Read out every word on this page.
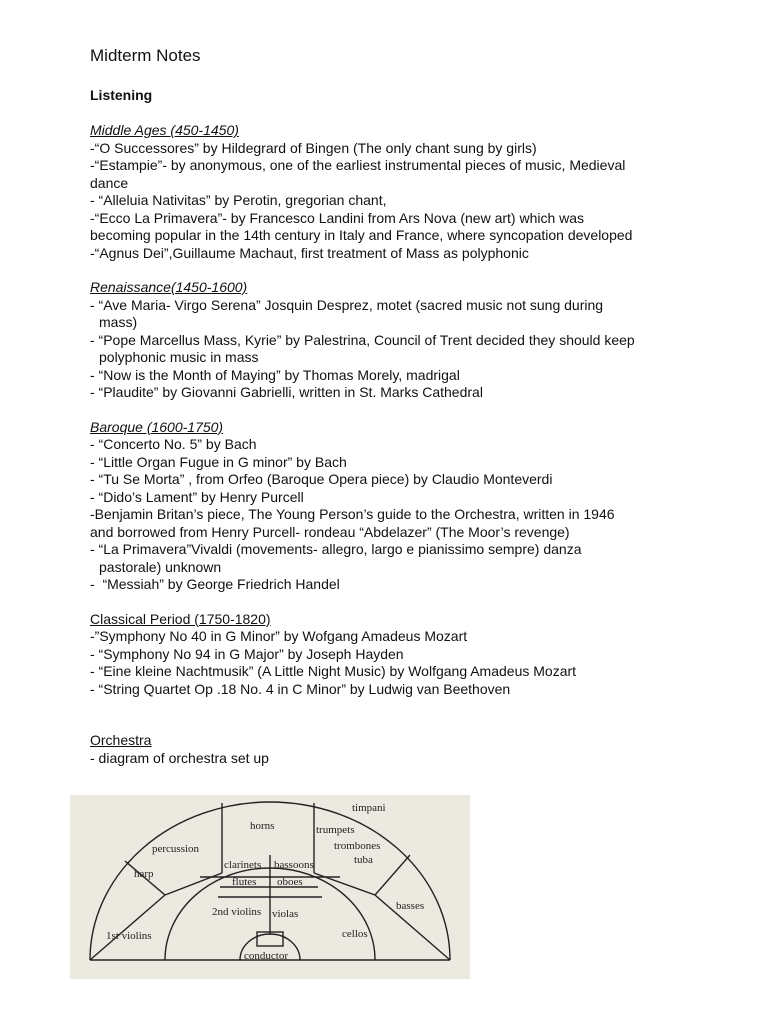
Midterm Notes
Listening
Middle Ages (450-1450)
-“O Successores” by Hildegrard of Bingen (The only chant sung by girls)
-“Estampie”- by anonymous, one of the earliest instrumental pieces of music, Medieval
dance
- “Alleluia Nativitas” by Perotin, gregorian chant,
-“Ecco La Primavera”- by Francesco Landini from Ars Nova (new art) which was
becoming popular in the 14th century in Italy and France, where syncopation developed
-“Agnus Dei”,Guillaume Machaut, first treatment of Mass as polyphonic
Renaissance(1450-1600)
- “Ave Maria- Virgo Serena” Josquin Desprez, motet (sacred music not sung during
mass)
- “Pope Marcellus Mass, Kyrie” by Palestrina, Council of Trent decided they should keep
polyphonic music in mass
- “Now is the Month of Maying” by Thomas Morely, madrigal
- “Plaudite” by Giovanni Gabrielli, written in St. Marks Cathedral
Baroque (1600-1750)
- “Concerto No. 5” by Bach
- “Little Organ Fugue in G minor” by Bach
- “Tu Se Morta” , from Orfeo (Baroque Opera piece) by Claudio Monteverdi
- “Dido’s Lament” by Henry Purcell
-Benjamin Britan’s piece, The Young Person’s guide to the Orchestra, written in 1946
and borrowed from Henry Purcell- rondeau “Abdelazer” (The Moor’s revenge)
- “La Primavera”Vivaldi (movements- allegro, largo e pianissimo sempre) danza
pastorale) unknown
-  “Messiah” by George Friedrich Handel
Classical Period (1750-1820)
-”Symphony No 40 in G Minor” by Wofgang Amadeus Mozart
- “Symphony No 94 in G Major” by Joseph Hayden
- “Eine kleine Nachtmusik” (A Little Night Music) by Wolfgang Amadeus Mozart
- “String Quartet Op .18 No. 4 in C Minor” by Ludwig van Beethoven
Orchestra
- diagram of orchestra set up
timpani
horns	trumpets
trombones
tuba
percussion
harp
clarinets bassoons
flutes oboes
2nd violins violas
basses
1st violins	cellos
conductor
